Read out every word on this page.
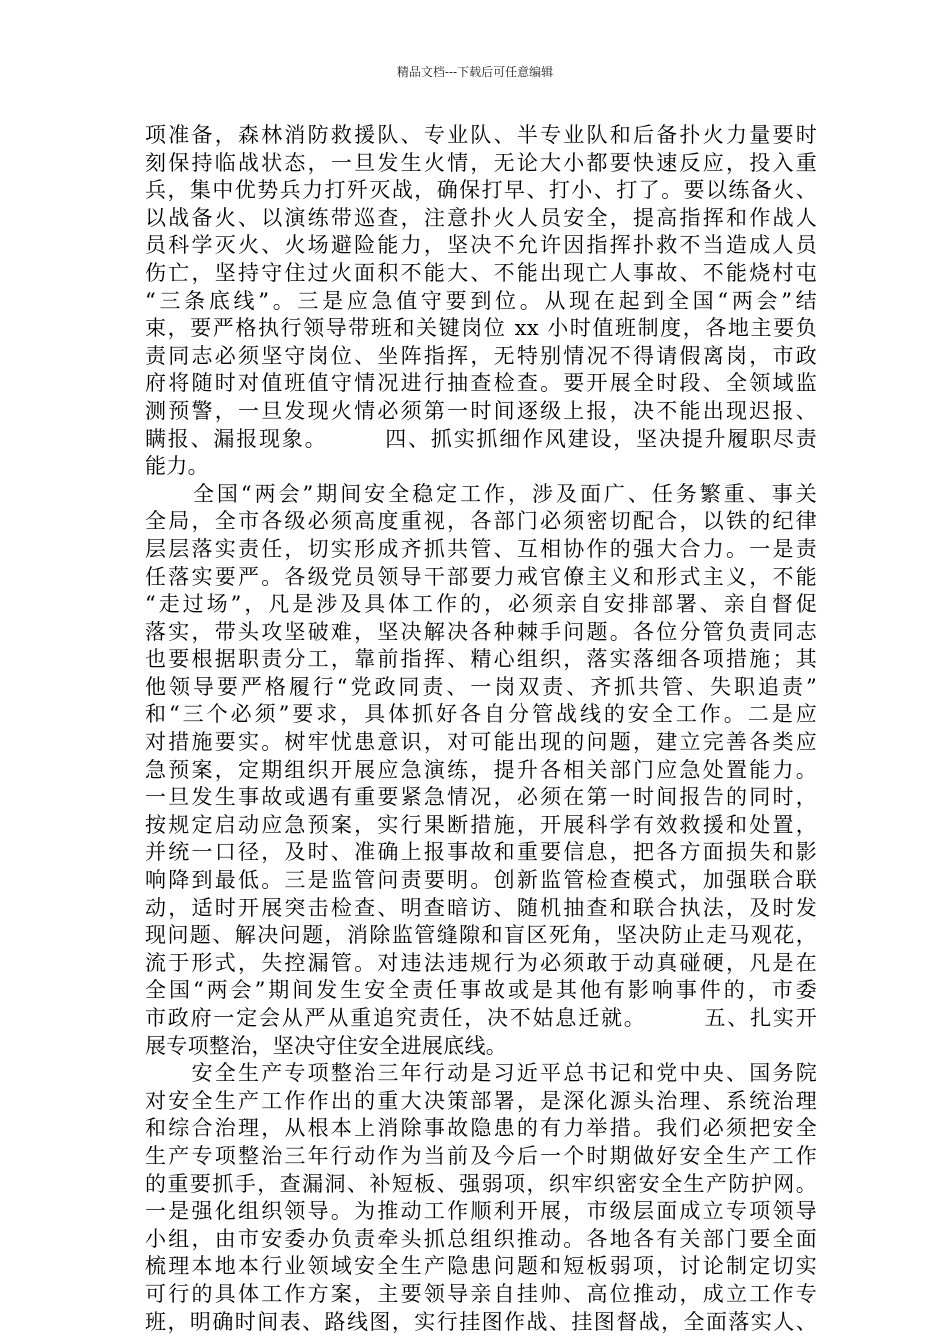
精品文档---下载后可任意编辑
项准备，森林消防救援队、专业队、半专业队和后备扑火力量要时
刻保持临战状态，一旦发生火情，无论大小都要快速反应，投入重
兵，集中优势兵力打歼灭战，确保打早、打小、打了。要以练备火、
以战备火、以演练带巡查，注意扑火人员安全，提高指挥和作战人
员科学灭火、火场避险能力，坚决不允许因指挥扑救不当造成人员
伤亡，坚持守住过火面积不能大、不能出现亡人事故、不能烧村屯
“三条底线”。三是应急值守要到位。从现在起到全国“两会”结
束，要严格执行领导带班和关键岗位 xx 小时值班制度，各地主要负
责同志必须坚守岗位、坐阵指挥，无特别情况不得请假离岗，市政
府将随时对值班值守情况进行抽查检查。要开展全时段、全领域监
测预警，一旦发现火情必须第一时间逐级上报，决不能出现迟报、
瞒报、漏报现象。　　　四、抓实抓细作风建设，坚决提升履职尽责
能力。
　　全国“两会”期间安全稳定工作，涉及面广、任务繁重、事关
全局，全市各级必须高度重视，各部门必须密切配合，以铁的纪律
层层落实责任，切实形成齐抓共管、互相协作的强大合力。一是责
任落实要严。各级党员领导干部要力戒官僚主义和形式主义，不能
“走过场”，凡是涉及具体工作的，必须亲自安排部署、亲自督促
落实，带头攻坚破难，坚决解决各种棘手问题。各位分管负责同志
也要根据职责分工，靠前指挥、精心组织，落实落细各项措施；其
他领导要严格履行“党政同责、一岗双责、齐抓共管、失职追责”
和“三个必须”要求，具体抓好各自分管战线的安全工作。二是应
对措施要实。树牢忧患意识，对可能出现的问题，建立完善各类应
急预案，定期组织开展应急演练，提升各相关部门应急处置能力。
一旦发生事故或遇有重要紧急情况，必须在第一时间报告的同时，
按规定启动应急预案，实行果断措施，开展科学有效救援和处置，
并统一口径，及时、准确上报事故和重要信息，把各方面损失和影
响降到最低。三是监管问责要明。创新监管检查模式，加强联合联
动，适时开展突击检查、明查暗访、随机抽查和联合执法，及时发
现问题、解决问题，消除监管缝隙和盲区死角，坚决防止走马观花，
流于形式，失控漏管。对违法违规行为必须敢于动真碰硬，凡是在
全国“两会”期间发生安全责任事故或是其他有影响事件的，市委
市政府一定会从严从重追究责任，决不姑息迁就。　　　五、扎实开
展专项整治，坚决守住安全进展底线。
　　安全生产专项整治三年行动是习近平总书记和党中央、国务院
对安全生产工作作出的重大决策部署，是深化源头治理、系统治理
和综合治理，从根本上消除事故隐患的有力举措。我们必须把安全
生产专项整治三年行动作为当前及今后一个时期做好安全生产工作
的重要抓手，查漏洞、补短板、强弱项，织牢织密安全生产防护网。
一是强化组织领导。为推动工作顺利开展，市级层面成立专项领导
小组，由市安委办负责牵头抓总组织推动。各地各有关部门要全面
梳理本地本行业领域安全生产隐患问题和短板弱项，讨论制定切实
可行的具体工作方案，主要领导亲自挂帅、高位推动，成立工作专
班，明确时间表、路线图，实行挂图作战、挂图督战，全面落实人、
